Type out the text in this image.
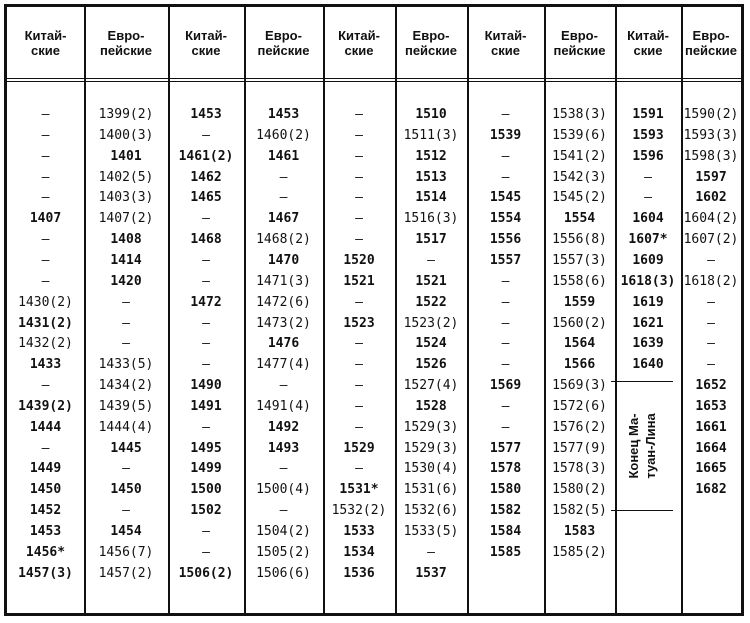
Китай-
ские
Евро-
пейские
Китай-
ские
Евро-
пейские
Китай-
ские
Евро-
пейские
Китай-
ские
Евро-
пейские
Китай-
ские
Евро-
пейские
Конец Ма-
туан-Лина
—
—
—
—
—
1407
—
—
—
1430(2)
1431(2)
1432(2)
1433
—
1439(2)
1444
—
1449
1450
1452
1453
1456*
1457(3)
1399(2)
1400(3)
1401
1402(5)
1403(3)
1407(2)
1408
1414
1420
—
—
—
1433(5)
1434(2)
1439(5)
1444(4)
1445
—
1450
—
1454
1456(7)
1457(2)
1453
—
1461(2)
1462
1465
—
1468
—
—
1472
—
—
—
1490
1491
—
1495
1499
1500
1502
—
—
1506(2)
1453
1460(2)
1461
—
—
1467
1468(2)
1470
1471(3)
1472(6)
1473(2)
1476
1477(4)
—
1491(4)
1492
1493
—
1500(4)
—
1504(2)
1505(2)
1506(6)
—
—
—
—
—
—
—
1520
1521
—
1523
—
—
—
—
—
1529
—
1531*
1532(2)
1533
1534
1536
1510
1511(3)
1512
1513
1514
1516(3)
1517
—
1521
1522
1523(2)
1524
1526
1527(4)
1528
1529(3)
1529(3)
1530(4)
1531(6)
1532(6)
1533(5)
—
1537
—
1539
—
—
1545
1554
1556
1557
—
—
—
—
—
1569
—
—
1577
1578
1580
1582
1584
1585
1538(3)
1539(6)
1541(2)
1542(3)
1545(2)
1554
1556(8)
1557(3)
1558(6)
1559
1560(2)
1564
1566
1569(3)
1572(6)
1576(2)
1577(9)
1578(3)
1580(2)
1582(5)
1583
1585(2)
1591
1593
1596
—
—
1604
1607*
1609
1618(3)
1619
1621
1639
1640
1590(2)
1593(3)
1598(3)
1597
1602
1604(2)
1607(2)
—
1618(2)
—
—
—
—
1652
1653
1661
1664
1665
1682
